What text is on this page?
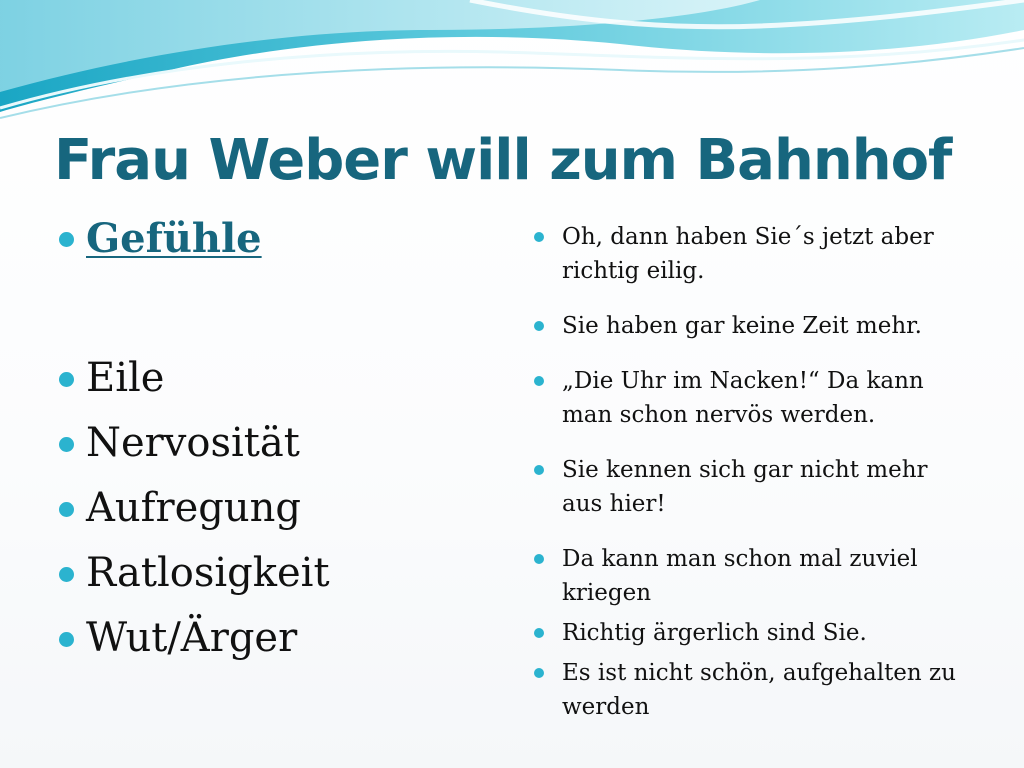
Frau Weber will zum Bahnhof
Gefühle
Eile
Nervosität
Aufregung
Ratlosigkeit
Wut/Ärger
Oh, dann haben Sie´s jetzt aber richtig eilig.
Sie haben gar keine Zeit mehr.
„Die Uhr im Nacken!“ Da kann man schon nervös werden.
Sie kennen sich gar nicht mehr aus hier!
Da kann man schon mal zuviel kriegen
Richtig ärgerlich sind Sie.
Es ist nicht schön, aufgehalten zu werden
